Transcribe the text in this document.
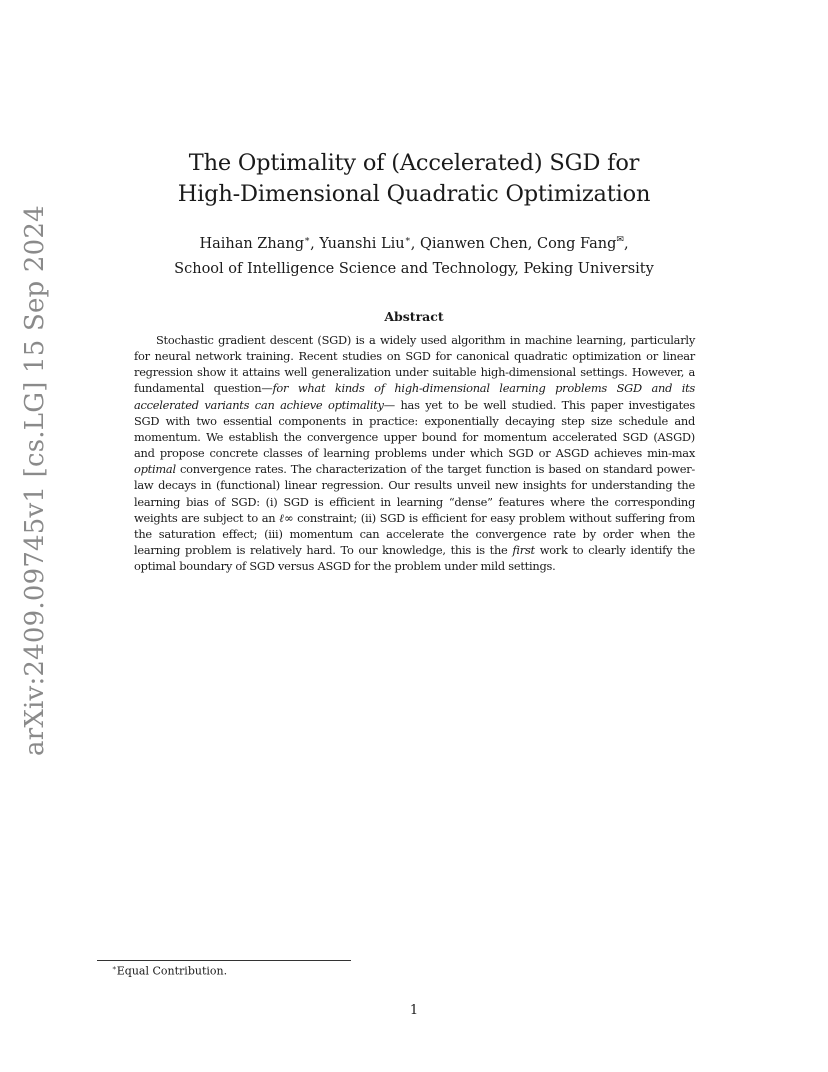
arXiv:2409.09745v1 [cs.LG] 15 Sep 2024
The Optimality of (Accelerated) SGD for
High-Dimensional Quadratic Optimization
Haihan Zhang∗, Yuanshi Liu∗, Qianwen Chen, Cong Fang✉,
School of Intelligence Science and Technology, Peking University
Abstract
Stochastic gradient descent (SGD) is a widely used algorithm in machine learning, particularly for neural network training. Recent studies on SGD for canonical quadratic optimization or linear regression show it attains well generalization under suitable high-dimensional settings. However, a fundamental question—for what kinds of high-dimensional learning problems SGD and its accelerated variants can achieve optimality— has yet to be well studied. This paper investigates SGD with two essential components in practice: exponentially decaying step size schedule and momentum. We establish the convergence upper bound for momentum accelerated SGD (ASGD) and propose concrete classes of learning problems under which SGD or ASGD achieves min-max optimal convergence rates. The characterization of the target function is based on standard power-law decays in (functional) linear regression. Our results unveil new insights for understanding the learning bias of SGD: (i) SGD is efficient in learning “dense” features where the corresponding weights are subject to an ℓ∞ constraint; (ii) SGD is efficient for easy problem without suffering from the saturation effect; (iii) momentum can accelerate the convergence rate by order when the learning problem is relatively hard. To our knowledge, this is the first work to clearly identify the optimal boundary of SGD versus ASGD for the problem under mild settings.
∗Equal Contribution.
1
